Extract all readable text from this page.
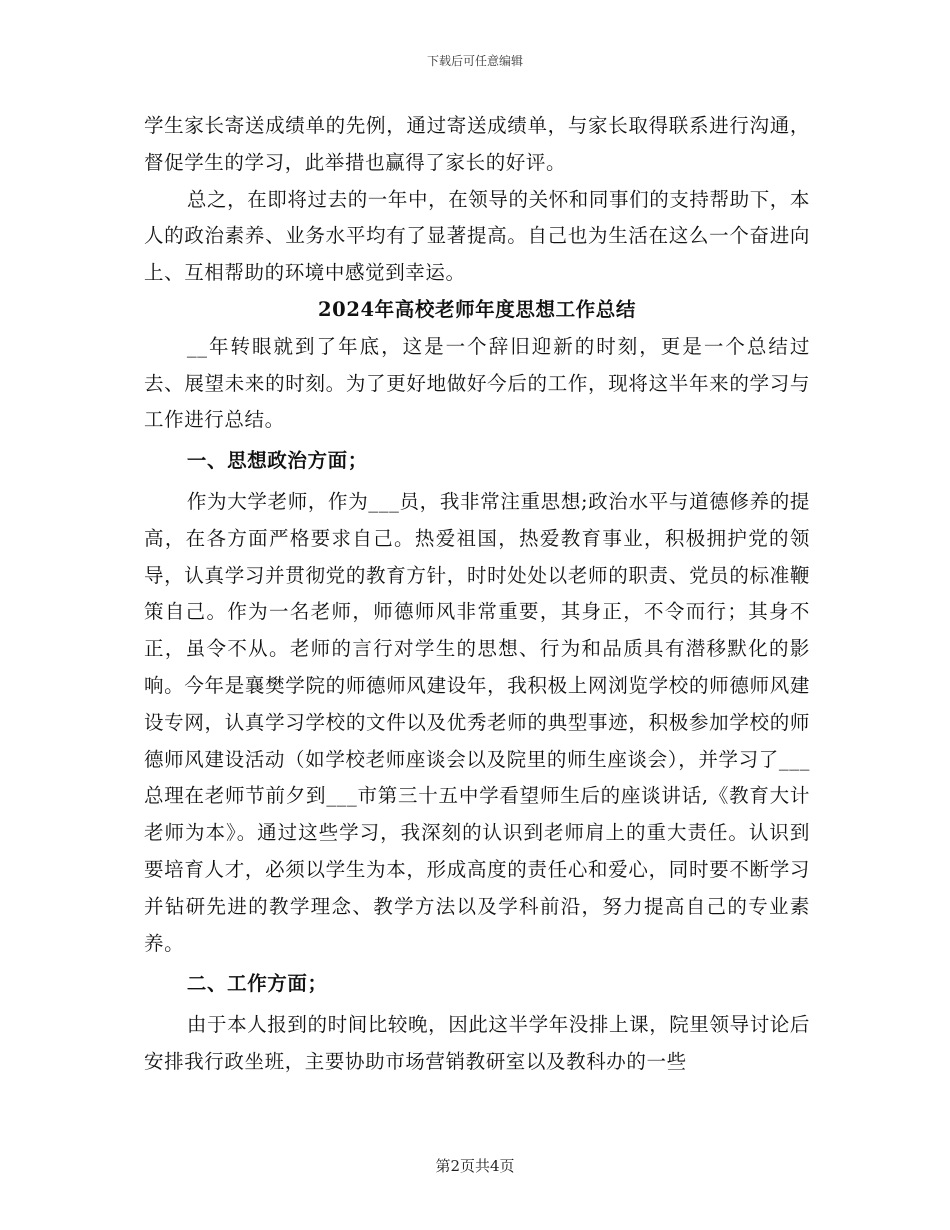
下载后可任意编辑

学生家长寄送成绩单的先例，通过寄送成绩单，与家长取得联系进行沟通，督促学生的学习，此举措也赢得了家长的好评。

总之，在即将过去的一年中，在领导的关怀和同事们的支持帮助下，本人的政治素养、业务水平均有了显著提高。自己也为生活在这么一个奋进向上、互相帮助的环境中感觉到幸运。

2024年高校老师年度思想工作总结

__年转眼就到了年底，这是一个辞旧迎新的时刻，更是一个总结过去、展望未来的时刻。为了更好地做好今后的工作，现将这半年来的学习与工作进行总结。

一、思想政治方面；

作为大学老师，作为___员，我非常注重思想;政治水平与道德修养的提高，在各方面严格要求自己。热爱祖国，热爱教育事业，积极拥护党的领导，认真学习并贯彻党的教育方针，时时处处以老师的职责、党员的标准鞭策自己。作为一名老师，师德师风非常重要，其身正，不令而行；其身不正，虽令不从。老师的言行对学生的思想、行为和品质具有潜移默化的影响。今年是襄樊学院的师德师风建设年，我积极上网浏览学校的师德师风建设专网，认真学习学校的文件以及优秀老师的典型事迹，积极参加学校的师德师风建设活动（如学校老师座谈会以及院里的师生座谈会），并学习了___总理在老师节前夕到___市第三十五中学看望师生后的座谈讲话,《教育大计老师为本》。通过这些学习，我深刻的认识到老师肩上的重大责任。认识到要培育人才，必须以学生为本，形成高度的责任心和爱心，同时要不断学习并钻研先进的教学理念、教学方法以及学科前沿，努力提高自己的专业素养。

二、工作方面；

由于本人报到的时间比较晚，因此这半学年没排上课，院里领导讨论后安排我行政坐班，主要协助市场营销教研室以及教科办的一些

第2页共4页
